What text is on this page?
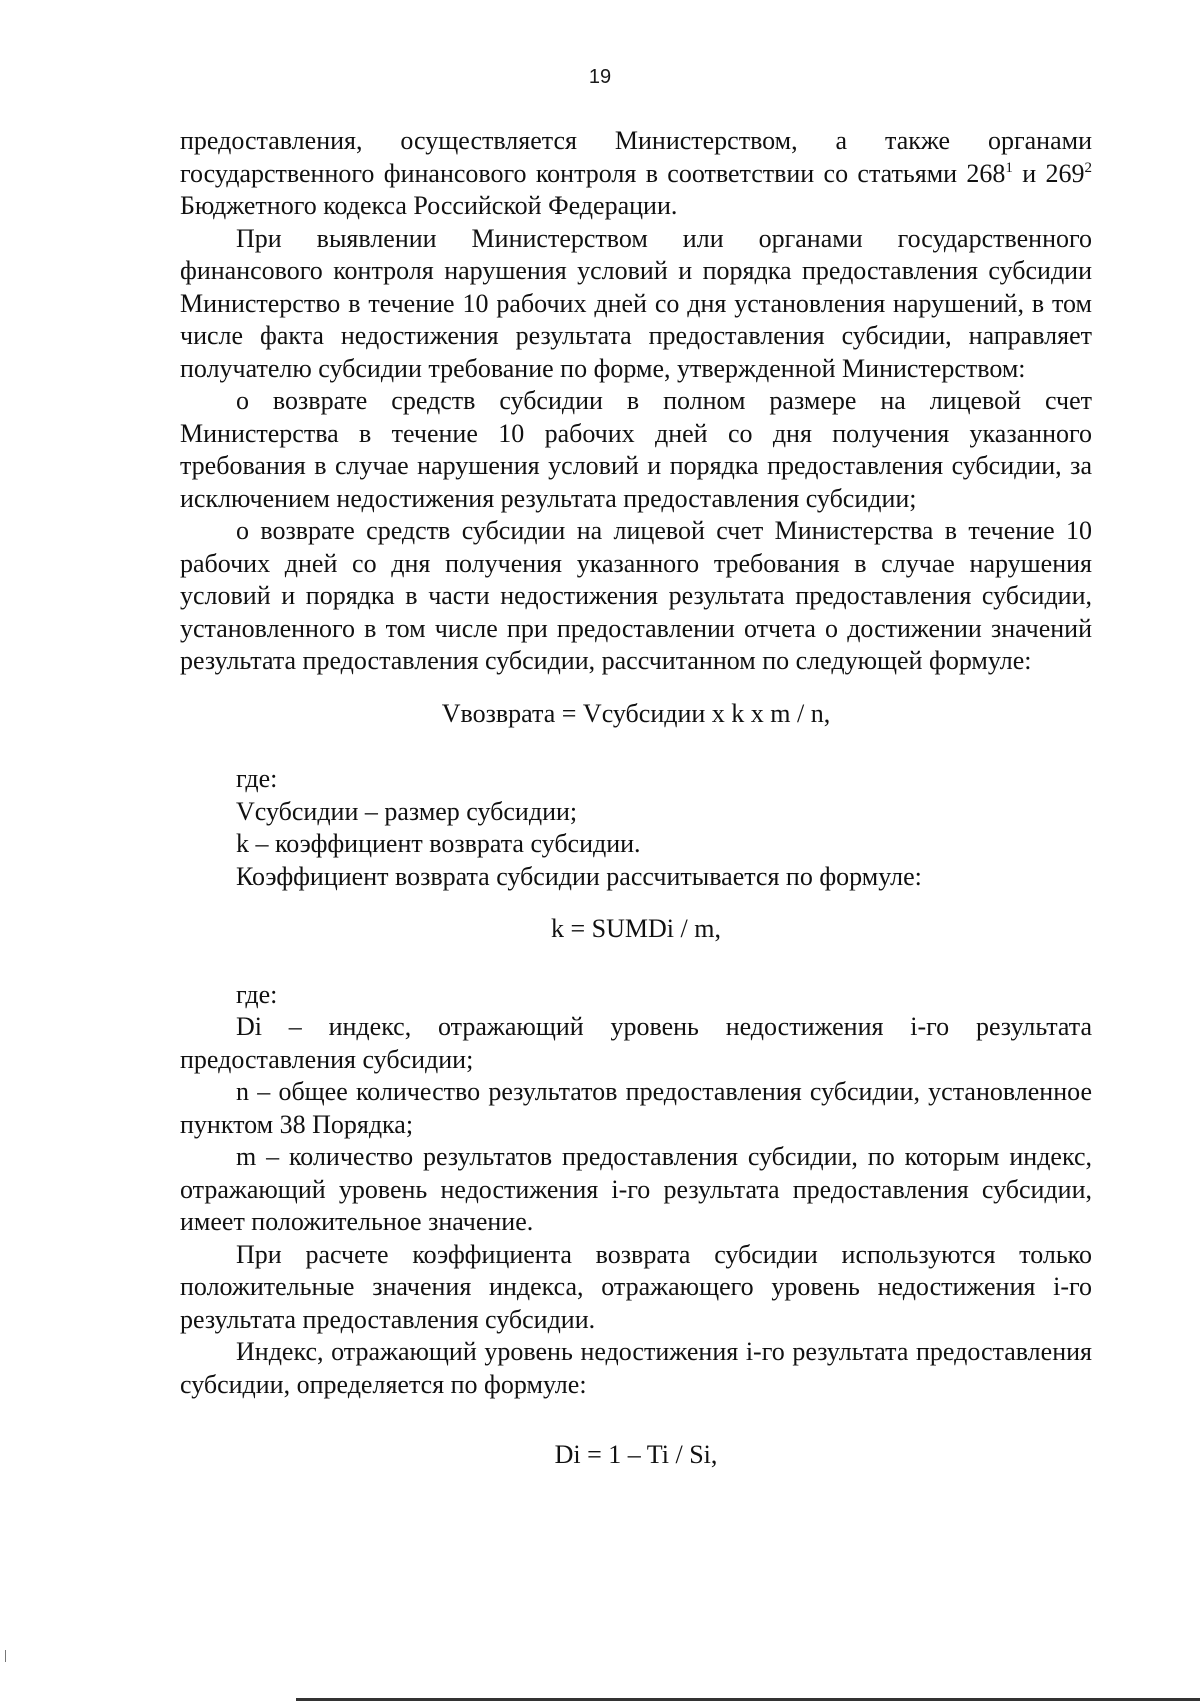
19

предоставления, осуществляется Министерством, а также органами государственного финансового контроля в соответствии со статьями $268^1$ и $269^2$ Бюджетного кодекса Российской Федерации.

При выявлении Министерством или органами государственного финансового контроля нарушения условий и порядка предоставления субсидии Министерство в течение 10 рабочих дней со дня установления нарушений, в том числе факта недостижения результата предоставления субсидии, направляет получателю субсидии требование по форме, утвержденной Министерством:

о возврате средств субсидии в полном размере на лицевой счет Министерства в течение 10 рабочих дней со дня получения указанного требования в случае нарушения условий и порядка предоставления субсидии, за исключением недостижения результата предоставления субсидии;

о возврате средств субсидии на лицевой счет Министерства в течение 10 рабочих дней со дня получения указанного требования в случае нарушения условий и порядка в части недостижения результата предоставления субсидии, установленного в том числе при предоставлении отчета о достижении значений результата предоставления субсидии, рассчитанном по следующей формуле:

Vвозврата = Vсубсидии x k x m / n,

где:

Vсубсидии – размер субсидии;

k – коэффициент возврата субсидии.

Коэффициент возврата субсидии рассчитывается по формуле:

k = SUMDi / m,

где:

Di – индекс, отражающий уровень недостижения i-го результата предоставления субсидии;

n – общее количество результатов предоставления субсидии, установленное пунктом 38 Порядка;

m – количество результатов предоставления субсидии, по которым индекс, отражающий уровень недостижения i-го результата предоставления субсидии, имеет положительное значение.

При расчете коэффициента возврата субсидии используются только положительные значения индекса, отражающего уровень недостижения i-го результата предоставления субсидии.

Индекс, отражающий уровень недостижения i-го результата предоставления субсидии, определяется по формуле:

Di = 1 – Ti / Si,
